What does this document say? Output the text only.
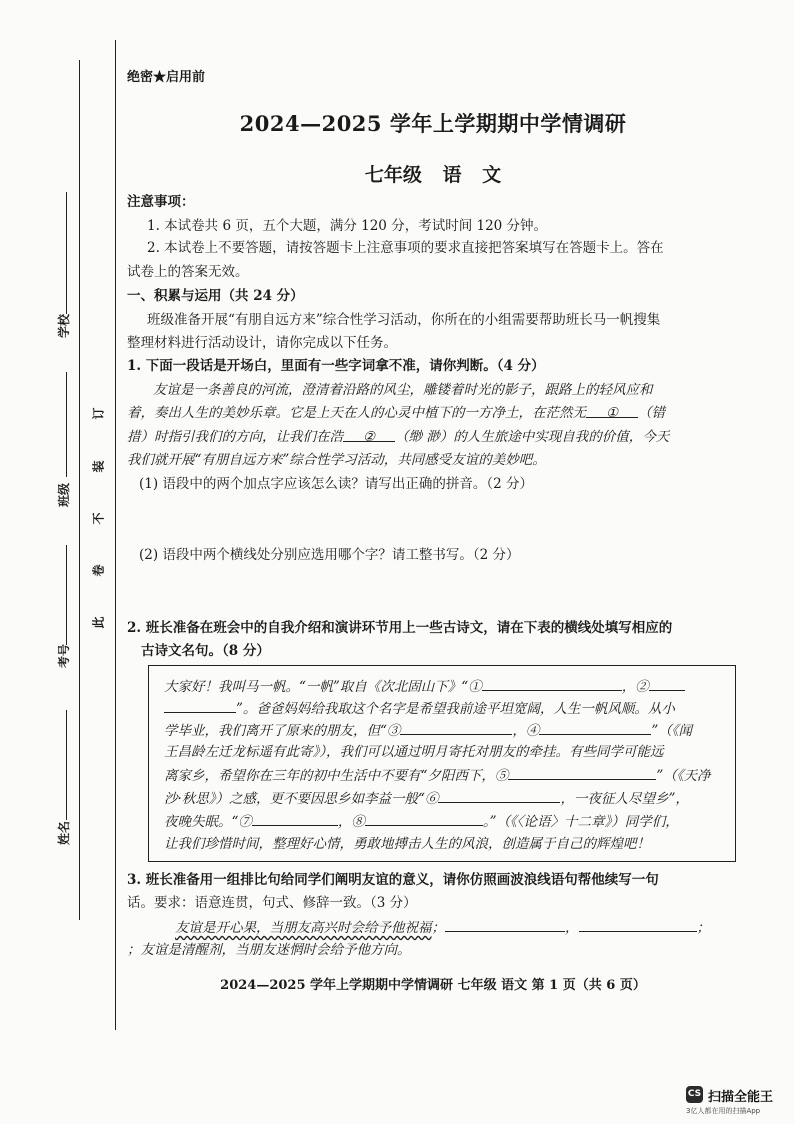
学校
班级
考号
姓名
订
装
不
卷
此
绝密★启用前
2024—2025 学年上学期期中学情调研
七年级 语 文
注意事项：
1. 本试卷共 6 页，五个大题，满分 120 分，考试时间 120 分钟。
2. 本试卷上不要答题，请按答题卡上注意事项的要求直接把答案填写在答题卡上。答在
试卷上的答案无效。
一、积累与运用（共 24 分）
班级准备开展“有朋自远方来”综合性学习活动，你所在的小组需要帮助班长马一帆搜集
整理材料进行活动设计，请你完成以下任务。
1. 下面一段话是开场白，里面有一些字词拿不准，请你判断。（4 分）
友谊是一条善良的河流，澄清着沿路的风尘，雕镂着时光的影子，跟路上的轻风应和
着，奏出人生的美妙乐章。它是上天在人的心灵中植下的一方净土，在茫然无 ① （错
措）时指引我们的方向，让我们在浩 ② （缈 渺）的人生旅途中实现自我的价值，今天
我们就开展“有朋自远方来”综合性学习活动，共同感受友谊的美妙吧。
(1) 语段中的两个加点字应该怎么读？请写出正确的拼音。（2 分）
(2) 语段中两个横线处分别应选用哪个字？请工整书写。（2 分）
2. 班长准备在班会中的自我介绍和演讲环节用上一些古诗文，请在下表的横线处填写相应的
古诗文名句。（8 分）
大家好！我叫马一帆。“一帆”取自《次北固山下》“①	，②
”。爸爸妈妈给我取这个名字是希望我前途平坦宽阔，人生一帆风顺。从小
学毕业，我们离开了原来的朋友，但“③	，④	”（《闻
王昌龄左迁龙标遥有此寄》），我们可以通过明月寄托对朋友的牵挂。有些同学可能远
离家乡，希望你在三年的初中生活中不要有“夕阳西下，⑤	”（《天净
沙·秋思》）之感，更不要因思乡如李益一般“⑥	，一夜征人尽望乡”，
夜晚失眠。“⑦	，⑧	。”（《〈论语〉十二章》）同学们，
让我们珍惜时间，整理好心情，勇敢地搏击人生的风浪，创造属于自己的辉煌吧！
3. 班长准备用一组排比句给同学们阐明友谊的意义，请你仿照画波浪线语句帮他续写一句
话。要求：语意连贯，句式、修辞一致。（3 分）
友谊是开心果，当朋友高兴时会给予他祝福；	，	；
；友谊是清醒剂，当朋友迷惘时会给予他方向。
2024—2025 学年上学期期中学情调研 七年级 语文 第 1 页（共 6 页）
CS 扫描全能王
3亿人都在用的扫描App
